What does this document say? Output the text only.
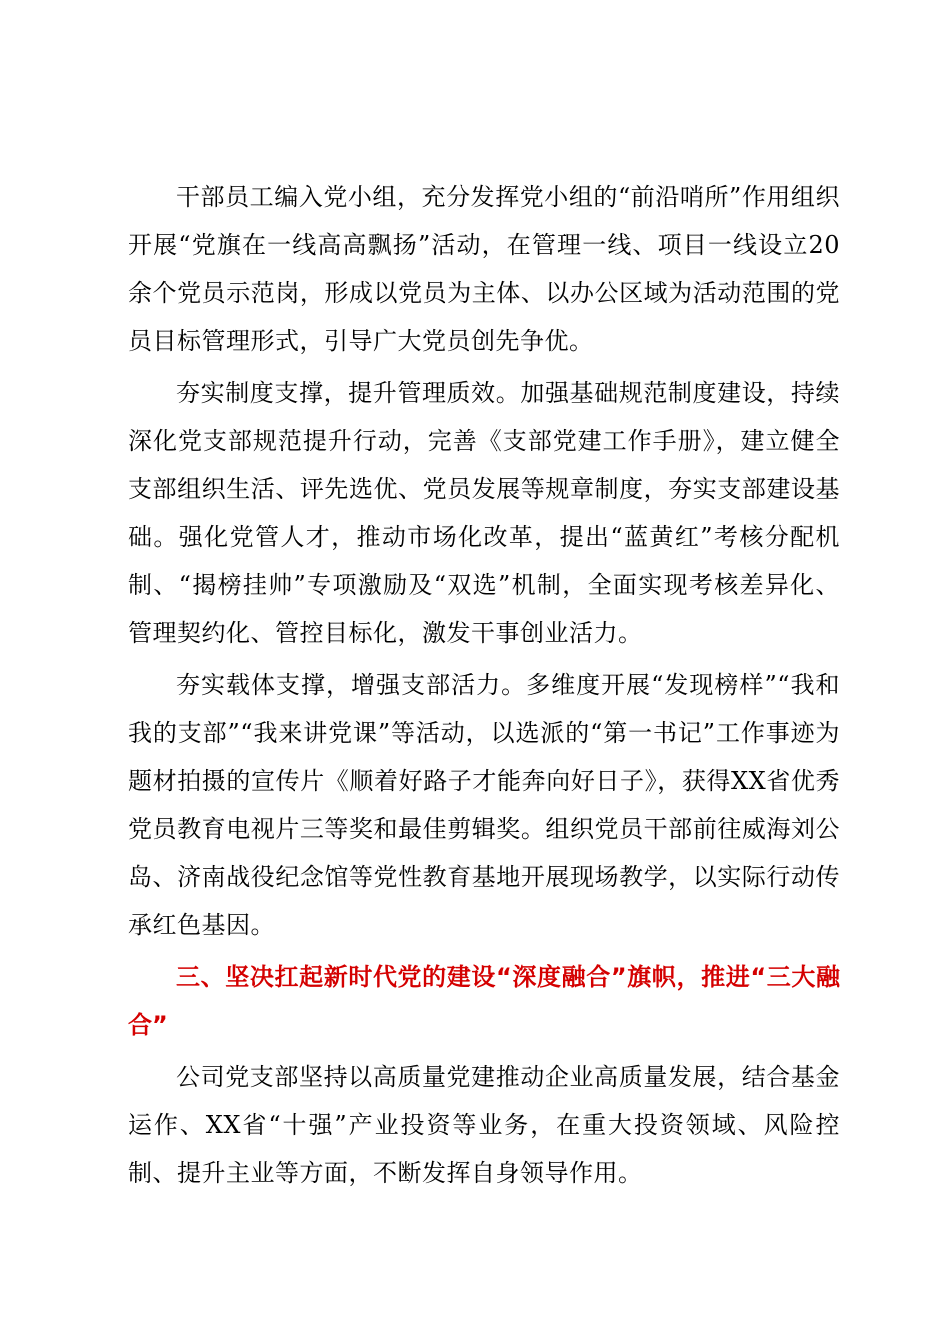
干部员工编入党小组，充分发挥党小组的“前沿哨所”作用组织开展“党旗在一线高高飘扬”活动，在管理一线、项目一线设立20余个党员示范岗，形成以党员为主体、以办公区域为活动范围的党员目标管理形式，引导广大党员创先争优。

夯实制度支撑，提升管理质效。加强基础规范制度建设，持续深化党支部规范提升行动，完善《支部党建工作手册》，建立健全支部组织生活、评先选优、党员发展等规章制度，夯实支部建设基础。强化党管人才，推动市场化改革，提出“蓝黄红”考核分配机制、“揭榜挂帅”专项激励及“双选”机制，全面实现考核差异化、管理契约化、管控目标化，激发干事创业活力。

夯实载体支撑，增强支部活力。多维度开展“发现榜样”“我和我的支部”“我来讲党课”等活动，以选派的“第一书记”工作事迹为题材拍摄的宣传片《顺着好路子才能奔向好日子》，获得XX省优秀党员教育电视片三等奖和最佳剪辑奖。组织党员干部前往威海刘公岛、济南战役纪念馆等党性教育基地开展现场教学，以实际行动传承红色基因。

三、坚决扛起新时代党的建设“深度融合”旗帜，推进“三大融合”

公司党支部坚持以高质量党建推动企业高质量发展，结合基金运作、XX省“十强”产业投资等业务，在重大投资领域、风险控制、提升主业等方面，不断发挥自身领导作用。
